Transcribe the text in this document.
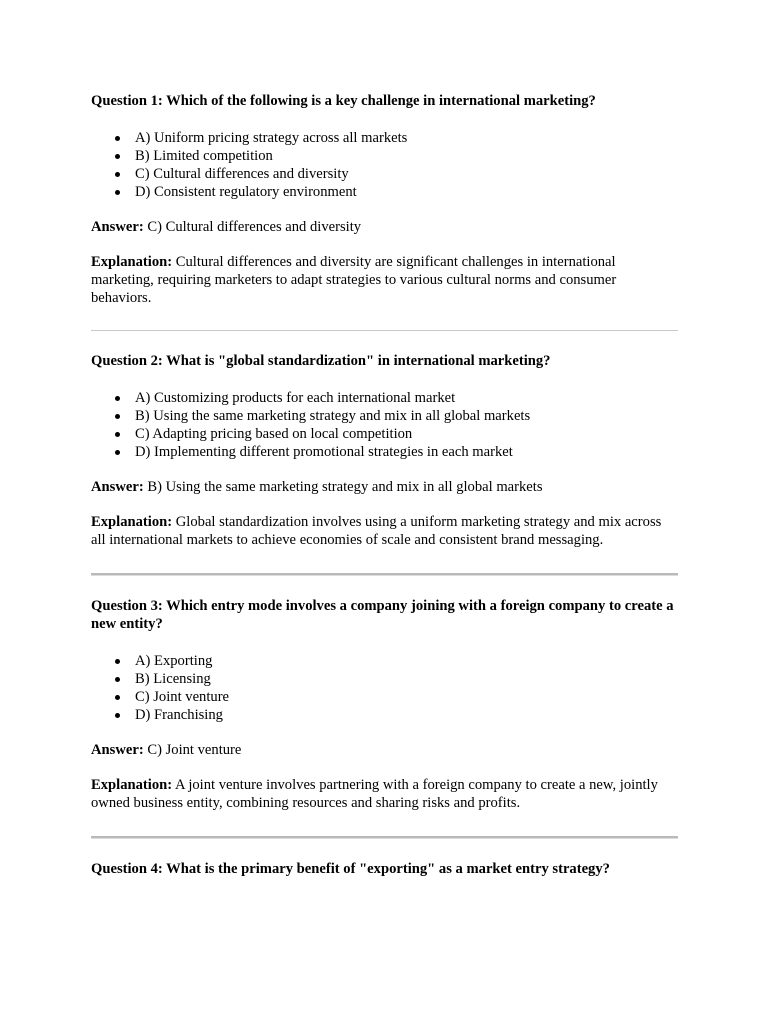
Question 1: Which of the following is a key challenge in international marketing?

A) Uniform pricing strategy across all markets
B) Limited competition
C) Cultural differences and diversity
D) Consistent regulatory environment

Answer: C) Cultural differences and diversity

Explanation: Cultural differences and diversity are significant challenges in international marketing, requiring marketers to adapt strategies to various cultural norms and consumer behaviors.

Question 2: What is "global standardization" in international marketing?

A) Customizing products for each international market
B) Using the same marketing strategy and mix in all global markets
C) Adapting pricing based on local competition
D) Implementing different promotional strategies in each market

Answer: B) Using the same marketing strategy and mix in all global markets

Explanation: Global standardization involves using a uniform marketing strategy and mix across all international markets to achieve economies of scale and consistent brand messaging.

Question 3: Which entry mode involves a company joining with a foreign company to create a new entity?

A) Exporting
B) Licensing
C) Joint venture
D) Franchising

Answer: C) Joint venture

Explanation: A joint venture involves partnering with a foreign company to create a new, jointly owned business entity, combining resources and sharing risks and profits.

Question 4: What is the primary benefit of "exporting" as a market entry strategy?
